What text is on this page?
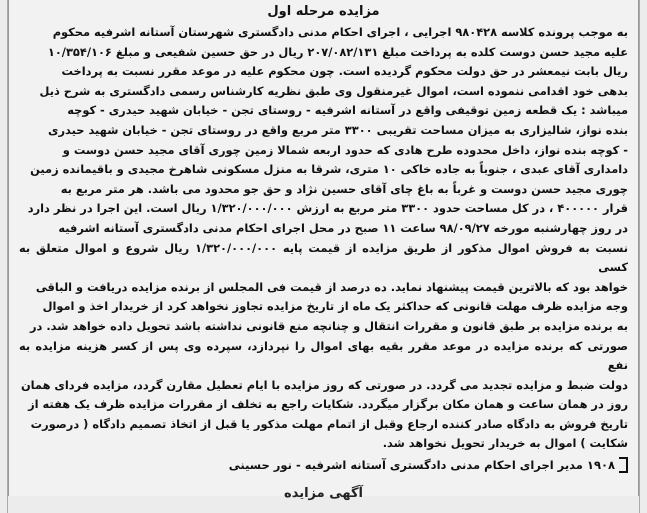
مزایده مرحله اول
به موجب پرونده کلاسه ۹۸۰۴۲۸ اجرایی ، اجرای احکام مدنی دادگستری شهرستان آستانه اشرفیه محکوم
علیه مجید حسن دوست کلده به پرداخت مبلغ ۲۰۷/۰۸۲/۱۳۱ ریال در حق حسین شفیعی و مبلغ ۱۰/۳۵۴/۱۰۶
ریال بابت نیمعشر در حق دولت محکوم گردیده است. چون محکوم علیه در موعد مقرر نسبت به پرداخت
بدهی خود اقدامی ننموده است، اموال غیرمنقول وی طبق نظریه کارشناس رسمی دادگستری به شرح ذیل
میباشد : یک قطعه زمین توقیفی واقع در آستانه اشرفیه - روستای تجن - خیابان شهید حیدری - کوچه
بنده نواز، شالیزاری به میزان مساحت تقریبی ۳۳۰۰ متر مربع واقع در روستای تجن - خیابان شهید حیدری
- کوچه بنده نواز، داخل محدوده طرح هادی که حدود اربعه شمالا زمین چوری آقای مجید حسن دوست و
دامداری آقای عبدی ، جنوباً به جاده خاکی ۱۰ متری، شرقا به منزل مسکونی شاهرخ مجیدی و باقیمانده زمین
چوری مجید حسن دوست و غرباً به باغ چای آقای حسین نژاد و حق جو محدود می باشد. هر متر مربع به
قرار ۴۰۰۰۰۰ ، در کل مساحت حدود ۳۳۰۰ متر مربع به ارزش ۱/۳۲۰/۰۰۰/۰۰۰ ریال است. این اجرا در نظر دارد
در روز چهارشنبه مورخه ۹۸/۰۹/۲۷ ساعت ۱۱ صبح در محل اجرای احکام مدنی دادگستری آستانه اشرفیه
نسبت به فروش اموال مذکور از طریق مزایده از قیمت پایه ۱/۳۲۰/۰۰۰/۰۰۰ ریال شروع و اموال متعلق به کسی
خواهد بود که بالاترین قیمت پیشنهاد نماید. ده درصد از قیمت فی المجلس از برنده مزایده دریافت و الباقی
وجه مزایده ظرف مهلت قانونی که حداکثر یک ماه از تاریخ مزایده تجاوز نخواهد کرد از خریدار اخذ و اموال
به برنده مزایده بر طبق قانون و مقررات انتقال و چنانچه منع قانونی نداشته باشد تحویل داده خواهد شد. در
صورتی که برنده مزایده در موعد مقرر بقیه بهای اموال را نپردازد، سپرده وی پس از کسر هزینه مزایده به نفع
دولت ضبط و مزایده تجدید می گردد. در صورتی که روز مزایده با ایام تعطیل مقارن گردد، مزایده فردای همان
روز در همان ساعت و همان مکان برگزار میگردد. شکایات راجع به تخلف از مقررات مزایده ظرف یک هفته از
تاریخ فروش به دادگاه صادر کننده ارجاع وقبل از اتمام مهلت مذکور یا قبل از اتخاذ تصمیم دادگاه ( درصورت
شکایت ) اموال به خریدار تحویل نخواهد شد.
۱۹۰۸
مدیر اجرای احکام مدنی دادگستری آستانه اشرفیه - نور حسینی
آگهی مزایده
